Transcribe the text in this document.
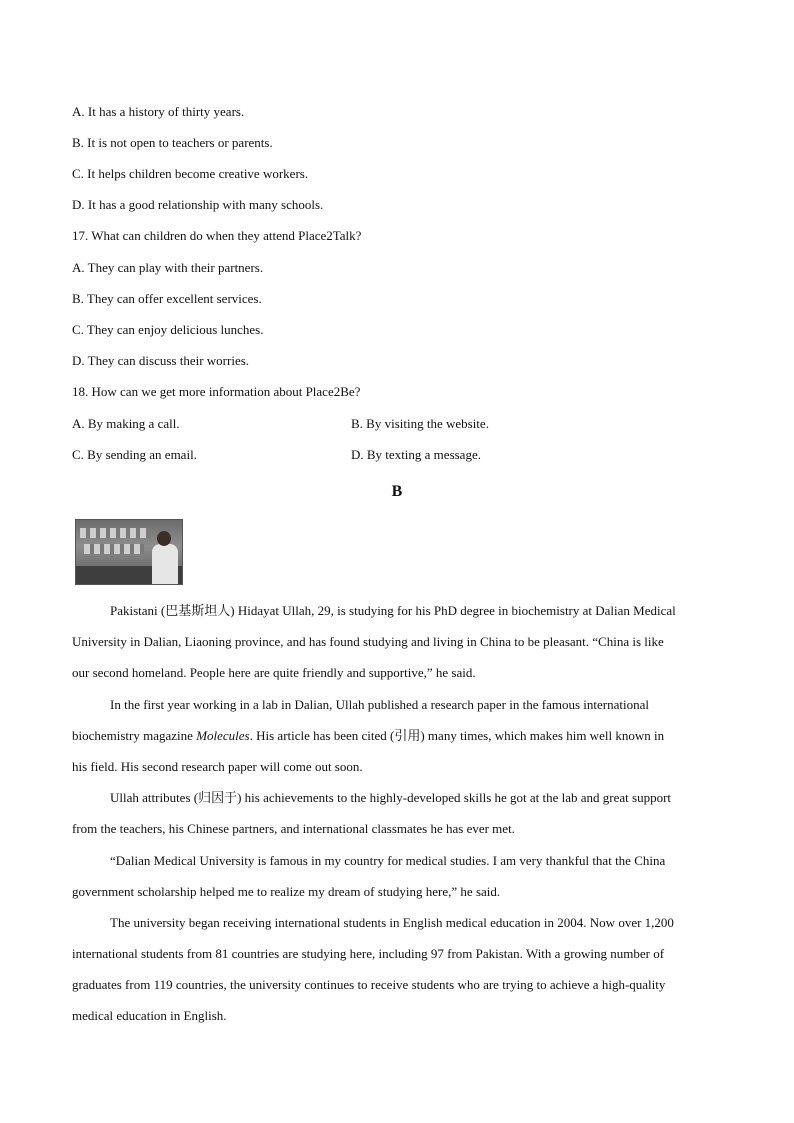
A. It has a history of thirty years.
B. It is not open to teachers or parents.
C. It helps children become creative workers.
D. It has a good relationship with many schools.
17. What can children do when they attend Place2Talk?
A. They can play with their partners.
B. They can offer excellent services.
C. They can enjoy delicious lunches.
D. They can discuss their worries.
18. How can we get more information about Place2Be?
A. By making a call.	B. By visiting the website.
C. By sending an email.	D. By texting a message.
B
Pakistani (巴基斯坦人) Hidayat Ullah, 29, is studying for his PhD degree in biochemistry at Dalian Medical
University in Dalian, Liaoning province, and has found studying and living in China to be pleasant. “China is like
our second homeland. People here are quite friendly and supportive,” he said.
In the first year working in a lab in Dalian, Ullah published a research paper in the famous international
biochemistry magazine Molecules. His article has been cited (引用) many times, which makes him well known in
his field. His second research paper will come out soon.
Ullah attributes (归因于) his achievements to the highly-developed skills he got at the lab and great support
from the teachers, his Chinese partners, and international classmates he has ever met.
“Dalian Medical University is famous in my country for medical studies. I am very thankful that the China
government scholarship helped me to realize my dream of studying here,” he said.
The university began receiving international students in English medical education in 2004. Now over 1,200
international students from 81 countries are studying here, including 97 from Pakistan. With a growing number of
graduates from 119 countries, the university continues to receive students who are trying to achieve a high-quality
medical education in English.
